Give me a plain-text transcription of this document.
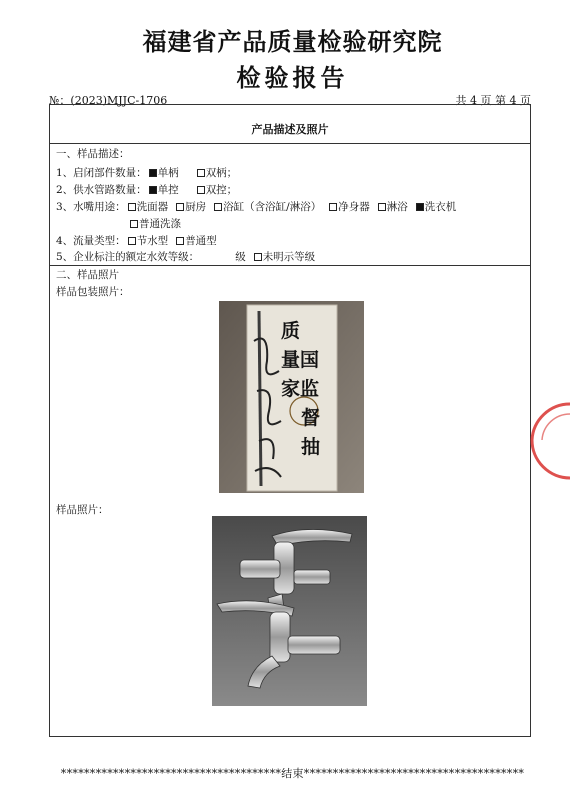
福建省产品质量检验研究院
检验报告
№：(2023)MJJC-1706	共 4 页 第 4 页
产品描述及照片
一、样品描述：
1、启闭部件数量： 单柄	双柄；
2、供水管路数量： 单控	双控；
3、水嘴用途： 洗面器 厨房 浴缸（含浴缸/淋浴） 净身器 淋浴 洗衣机
普通洗涤
4、流量类型： 节水型 普通型
5、企业标注的额定水效等级：	级 未明示等级
二、样品照片
样品包装照片：
样品照片：
质
量国
家监
督
抽
**************************************结束**************************************
